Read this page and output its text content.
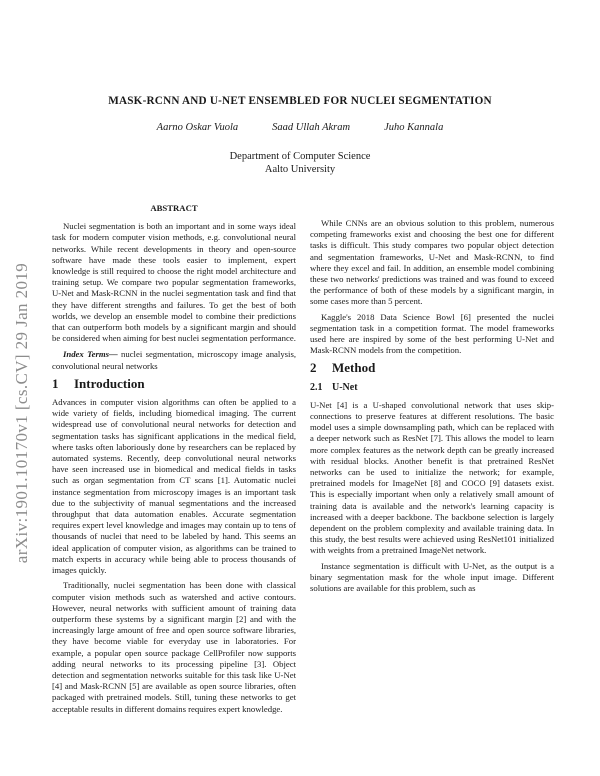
arXiv:1901.10170v1 [cs.CV] 29 Jan 2019
MASK-RCNN AND U-NET ENSEMBLED FOR NUCLEI SEGMENTATION
Aarno Oskar Vuola	Saad Ullah Akram	Juho Kannala
Department of Computer Science
Aalto University
ABSTRACT

Nuclei segmentation is both an important and in some ways ideal task for modern computer vision methods, e.g. convolutional neural networks. While recent developments in theory and open-source software have made these tools easier to implement, expert knowledge is still required to choose the right model architecture and training setup. We compare two popular segmentation frameworks, U-Net and Mask-RCNN in the nuclei segmentation task and find that they have different strengths and failures. To get the best of both worlds, we develop an ensemble model to combine their predictions that can outperform both models by a significant margin and should be considered when aiming for best nuclei segmentation performance.

Index Terms— nuclei segmentation, microscopy image analysis, convolutional neural networks
1 Introduction

Advances in computer vision algorithms can often be applied to a wide variety of fields, including biomedical imaging. The current widespread use of convolutional neural networks for detection and segmentation tasks has significant applications in the medical field, where tasks often laboriously done by researchers can be replaced by automated systems. Recently, deep convolutional neural networks have seen increased use in biomedical and medical fields in tasks such as organ segmentation from CT scans [1]. Automatic nuclei instance segmentation from microscopy images is an important task due to the subjectivity of manual segmentations and the increased throughput that data automation enables. Accurate segmentation requires expert level knowledge and images may contain up to tens of thousands of nuclei that need to be labeled by hand. This seems an ideal application of computer vision, as algorithms can be trained to match experts in accuracy while being able to process thousands of images quickly.

Traditionally, nuclei segmentation has been done with classical computer vision methods such as watershed and active contours. However, neural networks with sufficient amount of training data outperform these systems by a significant margin [2] and with the increasingly large amount of free and open source software libraries, they have become viable for everyday use in laboratories. For example, a popular open source package CellProfiler now supports adding neural networks to its processing pipeline [3]. Object detection and segmentation networks suitable for this task like U-Net [4] and Mask-RCNN [5] are available as open source libraries, often packaged with pretrained models. Still, tuning these networks to get acceptable results in different domains requires expert knowledge.

While CNNs are an obvious solution to this problem, numerous competing frameworks exist and choosing the best one for different tasks is difficult. This study compares two popular object detection and segmentation frameworks, U-Net and Mask-RCNN, to find where they excel and fail. In addition, an ensemble model combining these two networks' predictions was trained and was found to exceed the performance of both of these models by a significant margin, in some cases more than 5 percent.

Kaggle's 2018 Data Science Bowl [6] presented the nuclei segmentation task in a competition format. The model frameworks used here are inspired by some of the best performing U-Net and Mask-RCNN models from the competition.

2 Method
2.1 U-Net

U-Net [4] is a U-shaped convolutional network that uses skip-connections to preserve features at different resolutions. The basic model uses a simple downsampling path, which can be replaced with a deeper network such as ResNet [7]. This allows the model to learn more complex features as the network depth can be greatly increased with residual blocks. Another benefit is that pretrained ResNet networks can be used to initialize the network; for example, pretrained models for ImageNet [8] and COCO [9] datasets exist. This is especially important when only a relatively small amount of training data is available and the network's learning capacity is increased with a deeper backbone. The backbone selection is largely dependent on the problem complexity and available training data. In this study, the best results were achieved using ResNet101 initialized with weights from a pretrained ImageNet network.

Instance segmentation is difficult with U-Net, as the output is a binary segmentation mask for the whole input image. Different solutions are available for this problem, such as
